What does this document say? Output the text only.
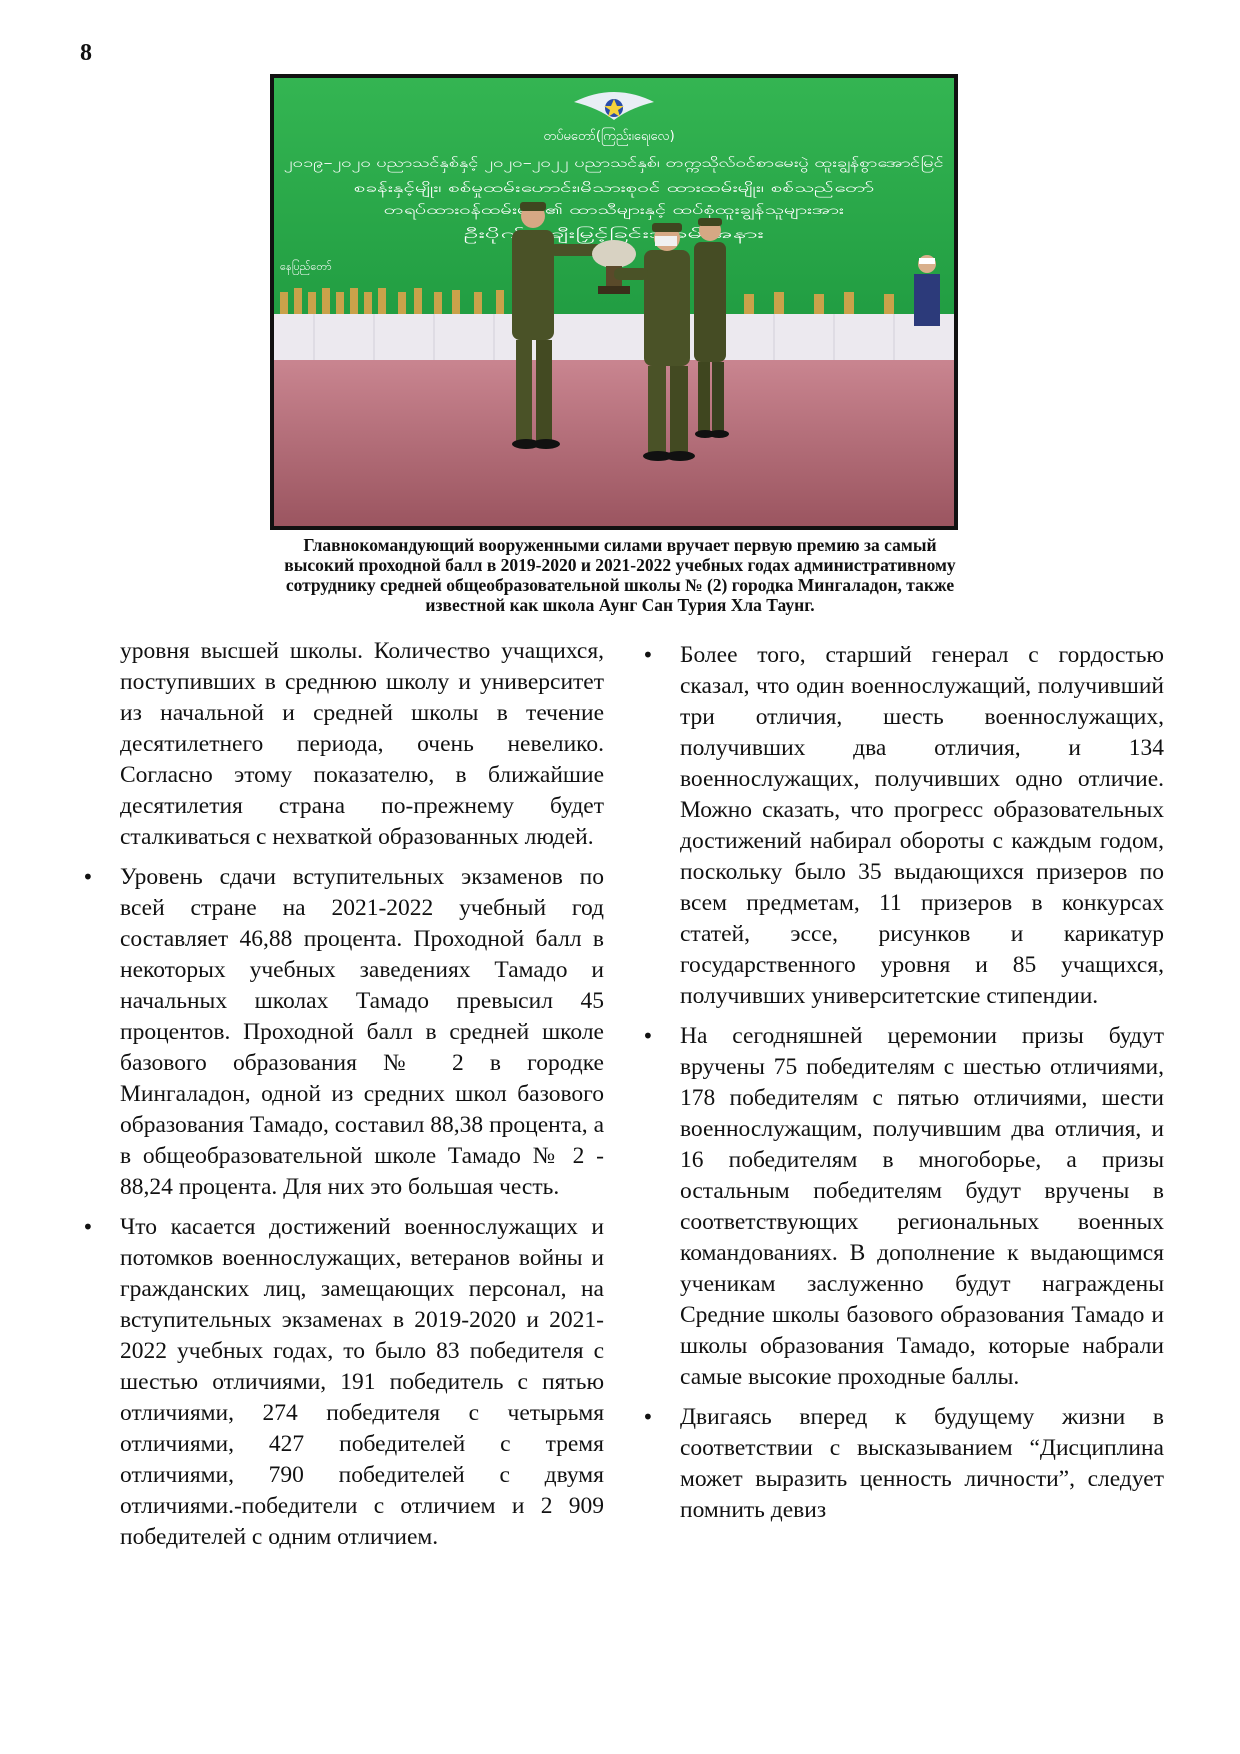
8
တပ်မတော်(ကြည်း၊ရေ၊လေ)
၂၀၁၉–၂၀၂၀ ပညာသင်နှစ်နှင့် ၂၀၂၀–၂၀၂၂ ပညာသင်နှစ်၊ တက္ကသိုလ်ဝင်စာမေးပွဲ ထူးချွန်စွာအောင်မြင်
စခန်းနှင့်မျိုး၊ စစ်မှုထမ်းဟောင်း၊မိသားစုဝင် ထားထမ်းမျိုး၊ စစ်သည်တော်
နေပြည်တော်
Главнокомандующий вооруженными силами вручает первую премию за самый
высокий проходной балл в 2019-2020 и 2021-2022 учебных годах административному
сотруднику средней общеобразовательной школы № (2) городка Мингаладон, также
известной как школа Аунг Сан Турия Хла Таунг.

уровня высшей школы. Количество учащихся, поступивших в среднюю школу и университет из начальной и средней школы в течение десятилетнего периода, очень невелико. Согласно этому показателю, в ближайшие десятилетия страна по-прежнему будет сталкиваться с нехваткой образованных людей.

• Уровень сдачи вступительных экзаменов по всей стране на 2021-2022 учебный год составляет 46,88 процента. Проходной балл в некоторых учебных заведениях Тамадо и начальных школах Тамадо превысил 45 процентов. Проходной балл в средней школе базового образования № 2 в городке Мингаладон, одной из средних школ базового образования Тамадо, составил 88,38 процента, а в общеобразовательной школе Тамадо № 2 - 88,24 процента. Для них это большая честь.

• Что касается достижений военнослужащих и потомков военнослужащих, ветеранов войны и гражданских лиц, замещающих персонал, на вступительных экзаменах в 2019-2020 и 2021-2022 учебных годах, то было 83 победителя с шестью отличиями, 191 победитель с пятью отличиями, 274 победителя с четырьмя отличиями, 427 победителей с тремя отличиями, 790 победителей с двумя отличиями.-победители с отличием и 2 909 победителей с одним отличием.

• Более того, старший генерал с гордостью сказал, что один военнослужащий, получивший три отличия, шесть военнослужащих, получивших два отличия, и 134 военнослужащих, получивших одно отличие. Можно сказать, что прогресс образовательных достижений набирал обороты с каждым годом, поскольку было 35 выдающихся призеров по всем предметам, 11 призеров в конкурсах статей, эссе, рисунков и карикатур государственного уровня и 85 учащихся, получивших университетские стипендии.

• На сегодняшней церемонии призы будут вручены 75 победителям с шестью отличиями, 178 победителям с пятью отличиями, шести военнослужащим, получившим два отличия, и 16 победителям в многоборье, а призы остальным победителям будут вручены в соответствующих региональных военных командованиях. В дополнение к выдающимся ученикам заслуженно будут награждены Средние школы базового образования Тамадо и школы образования Тамадо, которые набрали самые высокие проходные баллы.

• Двигаясь вперед к будущему жизни в соответствии с высказыванием “Дисциплина может выразить ценность личности”, следует помнить девиз
